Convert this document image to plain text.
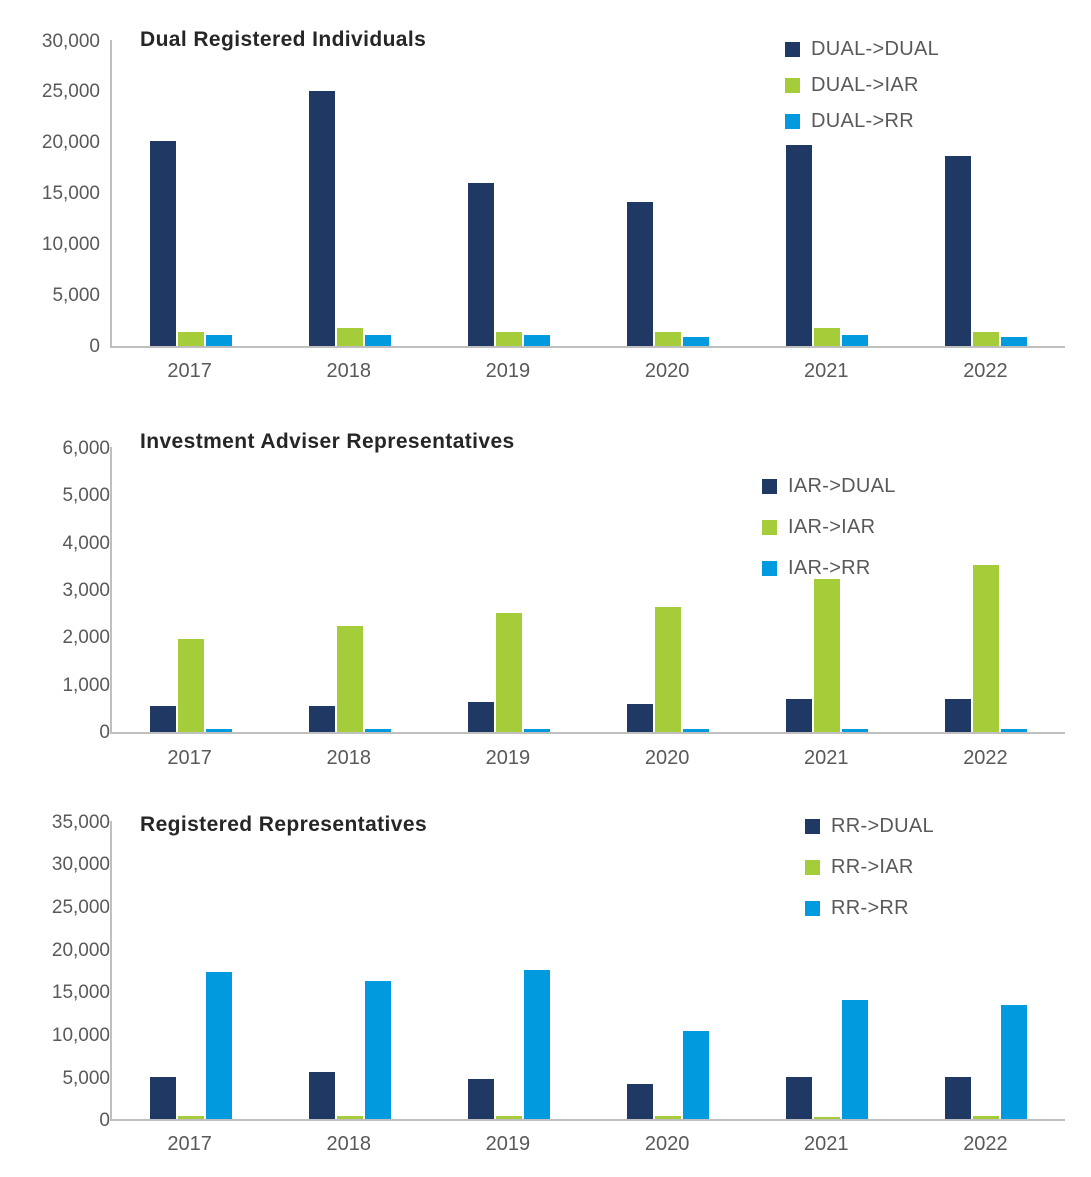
Dual Registered Individuals
30,000
25,000
20,000
15,000
10,000
5,000
0
2017	2018	2019	2020	2021	2022
DUAL->DUAL
DUAL->IAR
DUAL->RR
Investment Adviser Representatives
6,000
5,000
4,000
3,000
2,000
1,000
0
2017	2018	2019	2020	2021	2022
IAR->DUAL
IAR->IAR
IAR->RR
Registered Representatives
35,000
30,000
25,000
20,000
15,000
10,000
5,000
0
2017	2018	2019	2020	2021	2022
RR->DUAL
RR->IAR
RR->RR
